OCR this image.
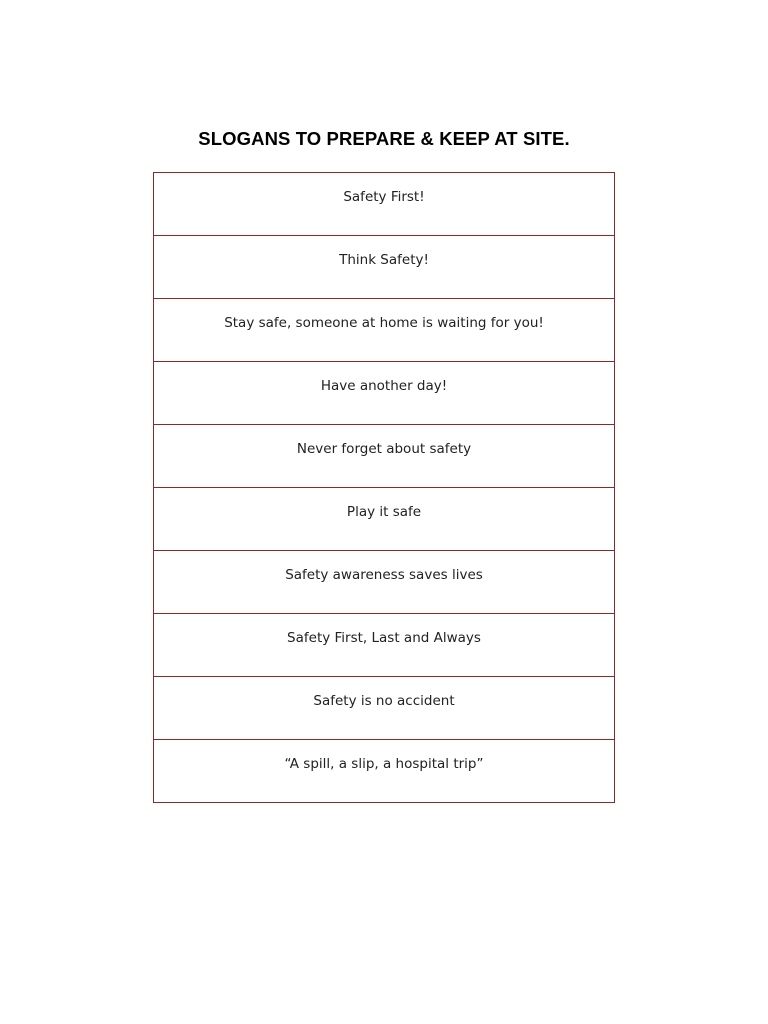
SLOGANS TO PREPARE & KEEP AT SITE.
Safety First!
Think Safety!
Stay safe, someone at home is waiting for you!
Have another day!
Never forget about safety
Play it safe
Safety awareness saves lives
Safety First, Last and Always
Safety is no accident
“A spill, a slip, a hospital trip”
